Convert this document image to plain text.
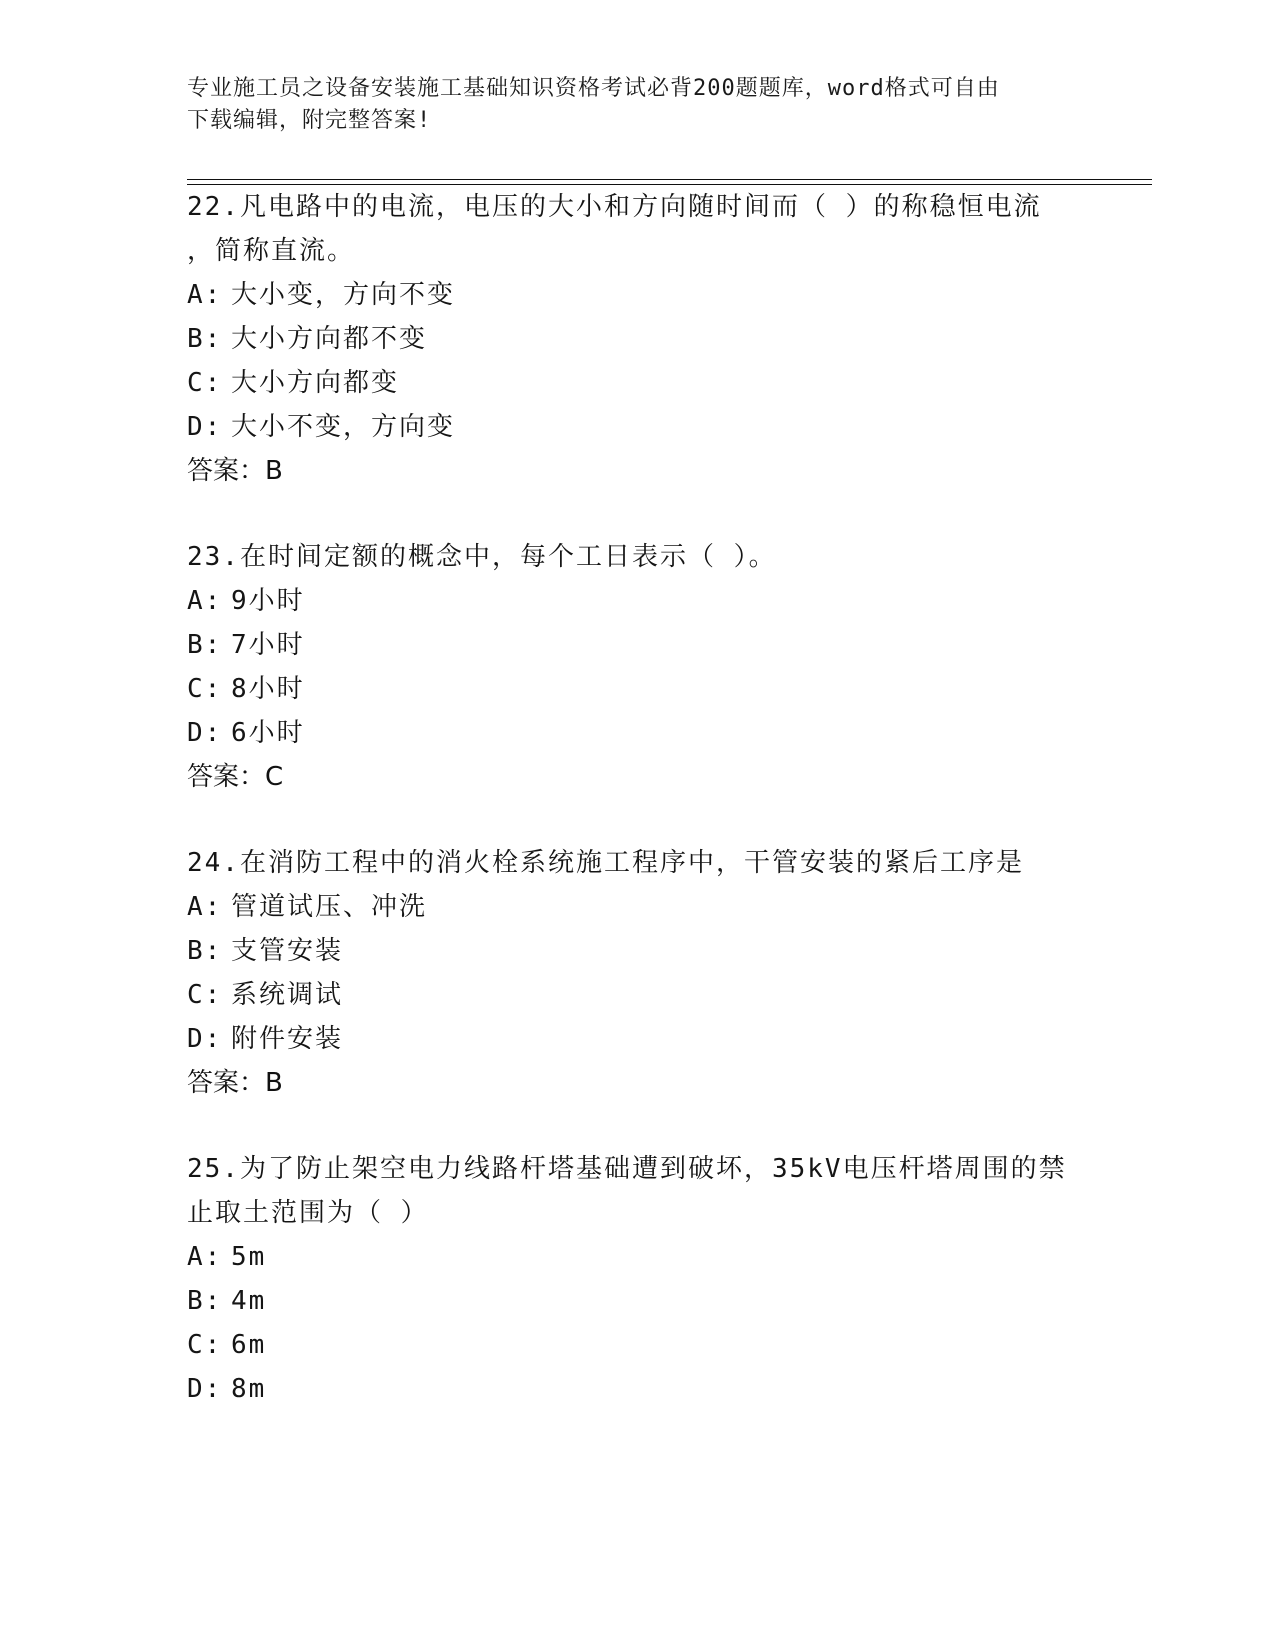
专业施工员之设备安装施工基础知识资格考试必背200题题库，word格式可自由
下载编辑，附完整答案!
22.凡电路中的电流，电压的大小和方向随时间而（ ）的称稳恒电流
，简称直流。
A: 大小变，方向不变
B: 大小方向都不变
C: 大小方向都变
D: 大小不变，方向变
答案：B
23.在时间定额的概念中，每个工日表示（ ）。
A: 9小时
B: 7小时
C: 8小时
D: 6小时
答案：C
24.在消防工程中的消火栓系统施工程序中，干管安装的紧后工序是
A: 管道试压、冲洗
B: 支管安装
C: 系统调试
D: 附件安装
答案：B
25.为了防止架空电力线路杆塔基础遭到破坏，35kV电压杆塔周围的禁
止取土范围为（ ）
A: 5m
B: 4m
C: 6m
D: 8m
